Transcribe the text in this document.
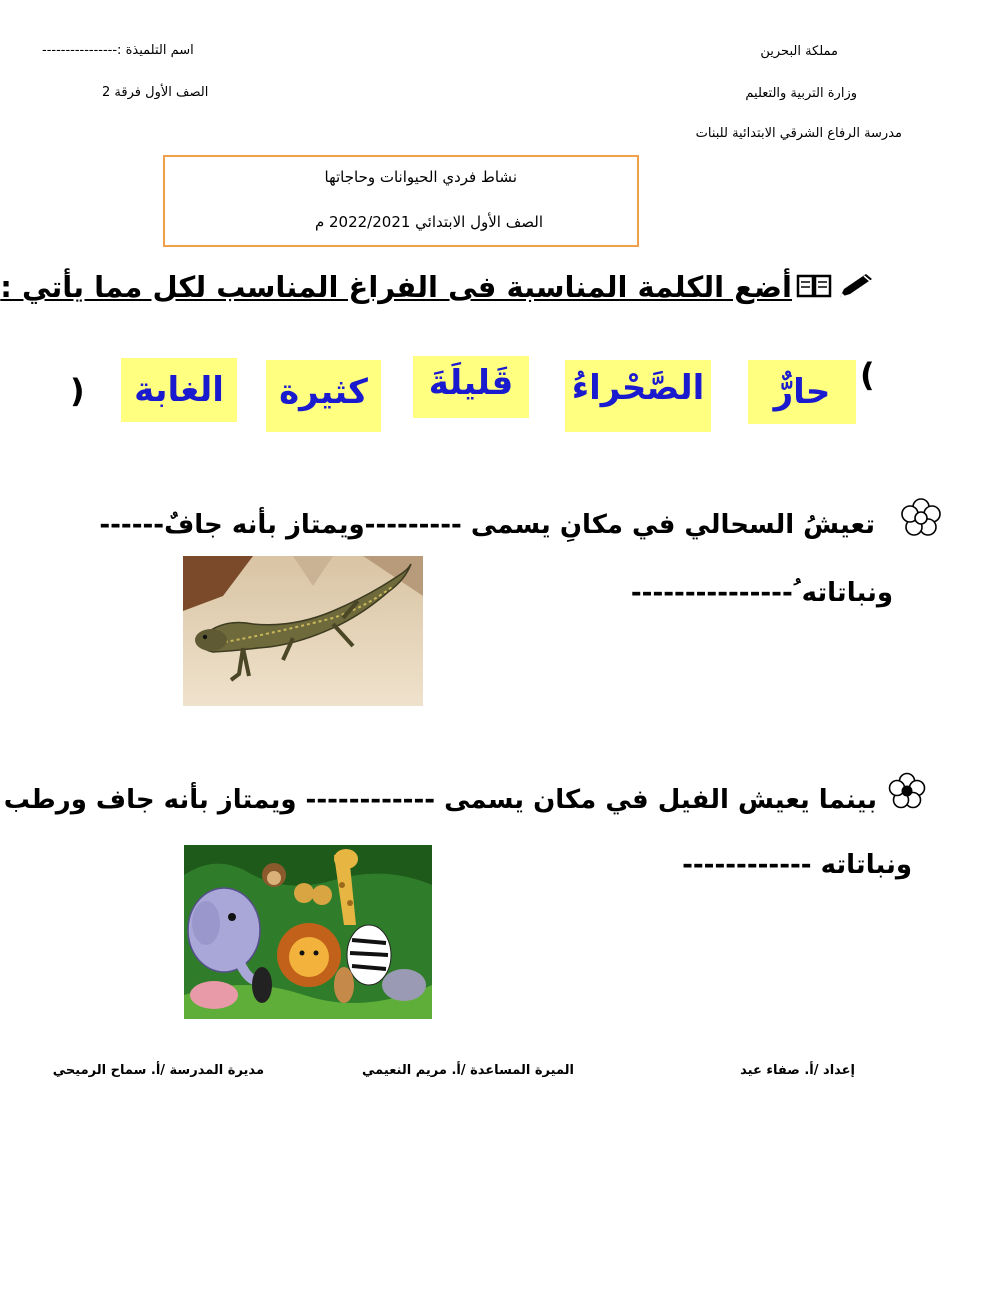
مملكة البحرين
وزارة التربية والتعليم
مدرسة الرفاع الشرقي الابتدائية للبنات
اسم التلميذة :----------------
الصف الأول فرقة 2
نشاط فردي الحيوانات وحاجاتها
الصف الأول الابتدائي 2022/2021 م
أضع الكلمة المناسبة فى الفراغ المناسب لكل مما يأتي :
(
)	حارٌّ
الصَّحْراءُ
قَليلَةَ
كثيرة
الغابة
تعيشُ السحالي في مكانِ يسمى ---------ويمتاز بأنه جافٌ------
ونباتاته ُ---------------
بينما يعيش الفيل في مكان يسمى ------------ ويمتاز بأنه جاف ورطب
ونباتاته ------------
إعداد /أ. صفاء عيد
الميرة المساعدة /أ. مريم النعيمي
مديرة المدرسة /أ. سماح الرميحي
